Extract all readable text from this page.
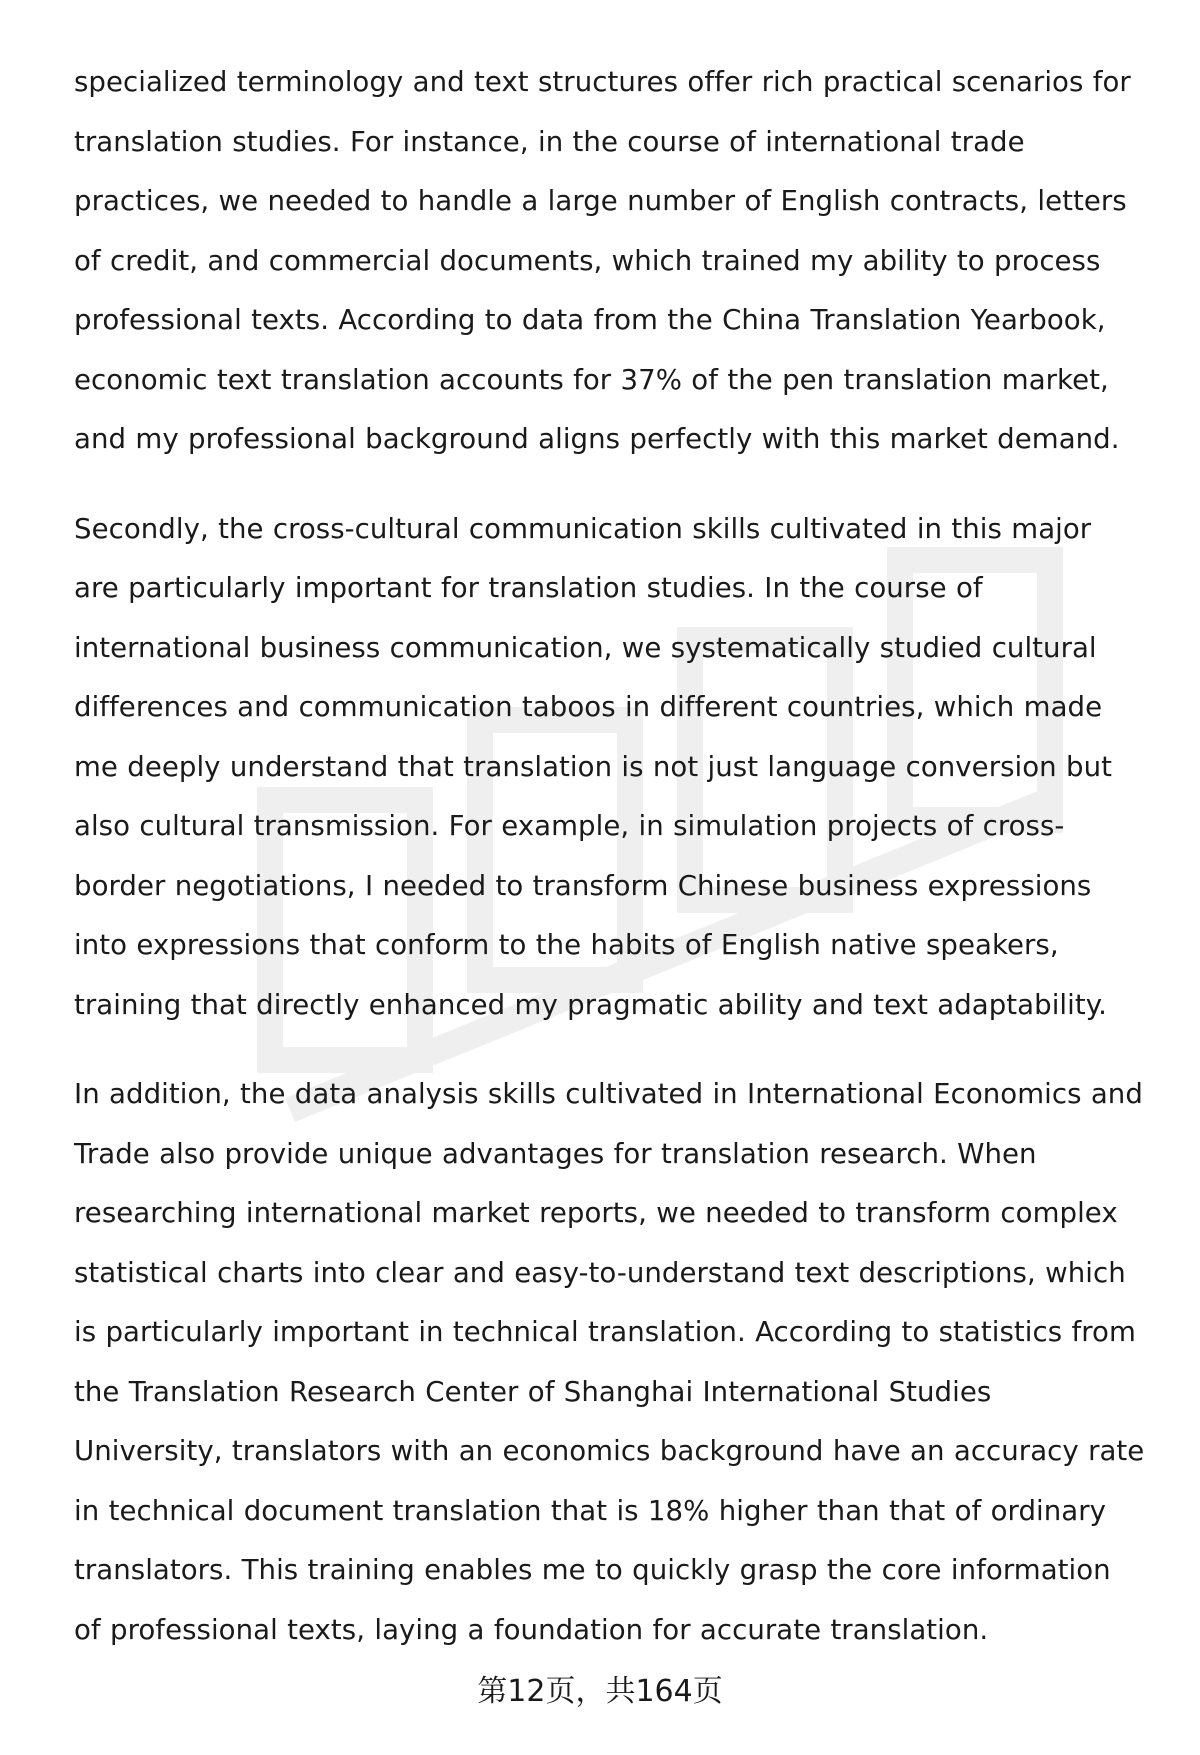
specialized terminology and text structures offer rich practical scenarios for
translation studies. For instance, in the course of international trade
practices, we needed to handle a large number of English contracts, letters
of credit, and commercial documents, which trained my ability to process
professional texts. According to data from the China Translation Yearbook,
economic text translation accounts for 37% of the pen translation market,
and my professional background aligns perfectly with this market demand.

Secondly, the cross-cultural communication skills cultivated in this major
are particularly important for translation studies. In the course of
international business communication, we systematically studied cultural
differences and communication taboos in different countries, which made
me deeply understand that translation is not just language conversion but
also cultural transmission. For example, in simulation projects of cross-
border negotiations, I needed to transform Chinese business expressions
into expressions that conform to the habits of English native speakers,
training that directly enhanced my pragmatic ability and text adaptability.

In addition, the data analysis skills cultivated in International Economics and
Trade also provide unique advantages for translation research. When
researching international market reports, we needed to transform complex
statistical charts into clear and easy-to-understand text descriptions, which
is particularly important in technical translation. According to statistics from
the Translation Research Center of Shanghai International Studies
University, translators with an economics background have an accuracy rate
in technical document translation that is 18% higher than that of ordinary
translators. This training enables me to quickly grasp the core information
of professional texts, laying a foundation for accurate translation.

第12页，共164页
